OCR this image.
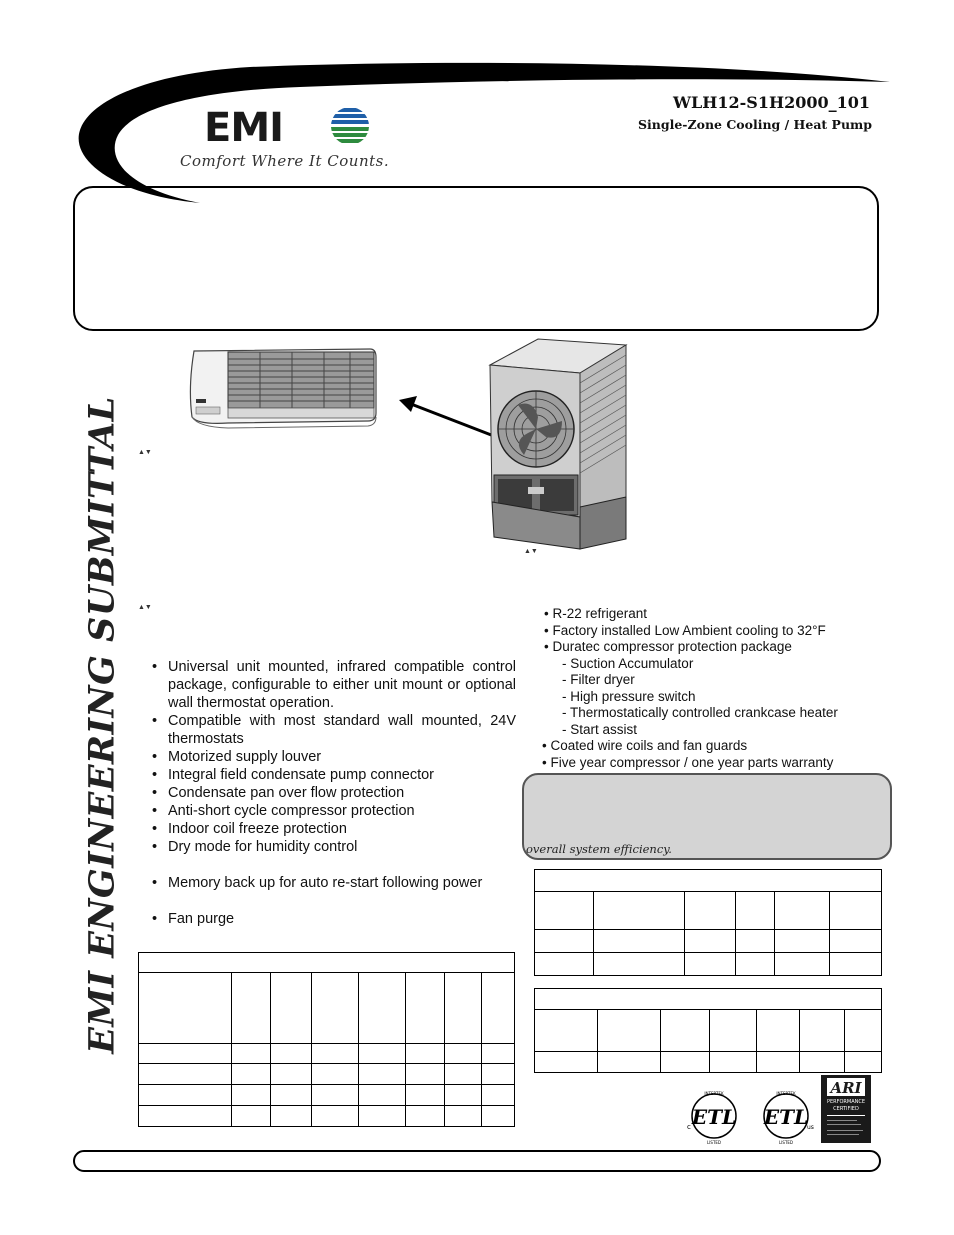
EMI
Comfort Where It Counts.
WLH12-S1H2000_101
Single-Zone Cooling / Heat Pump
▲▼
▲▼
▲▼
EMI ENGINEERING SUBMITTAL
•	Universal unit mounted, infrared compatible control package, configurable to either unit mount or optional wall thermostat operation.
• Compatible with most standard wall mounted, 24V thermostats
• Motorized supply louver
• Integral field condensate pump connector
• Condensate pan over flow protection
• Anti-short cycle compressor protection
• Indoor coil freeze protection
• Dry mode for humidity control
• Memory back up for auto re-start following power
• Fan purge
• R-22 refrigerant
• Factory installed Low Ambient cooling to 32°F
• Duratec compressor protection package
- Suction Accumulator
- Filter dryer
- High pressure switch
- Thermostatically controlled crankcase heater
- Start assist
• Coated wire coils and fan guards
• Five year compressor / one year parts warranty
overall system efficiency.

ETL
INTERTEK
LISTED
c	ETL
INTERTEK
LISTED
us
ARI
PERFORMANCE
CERTIFIED
